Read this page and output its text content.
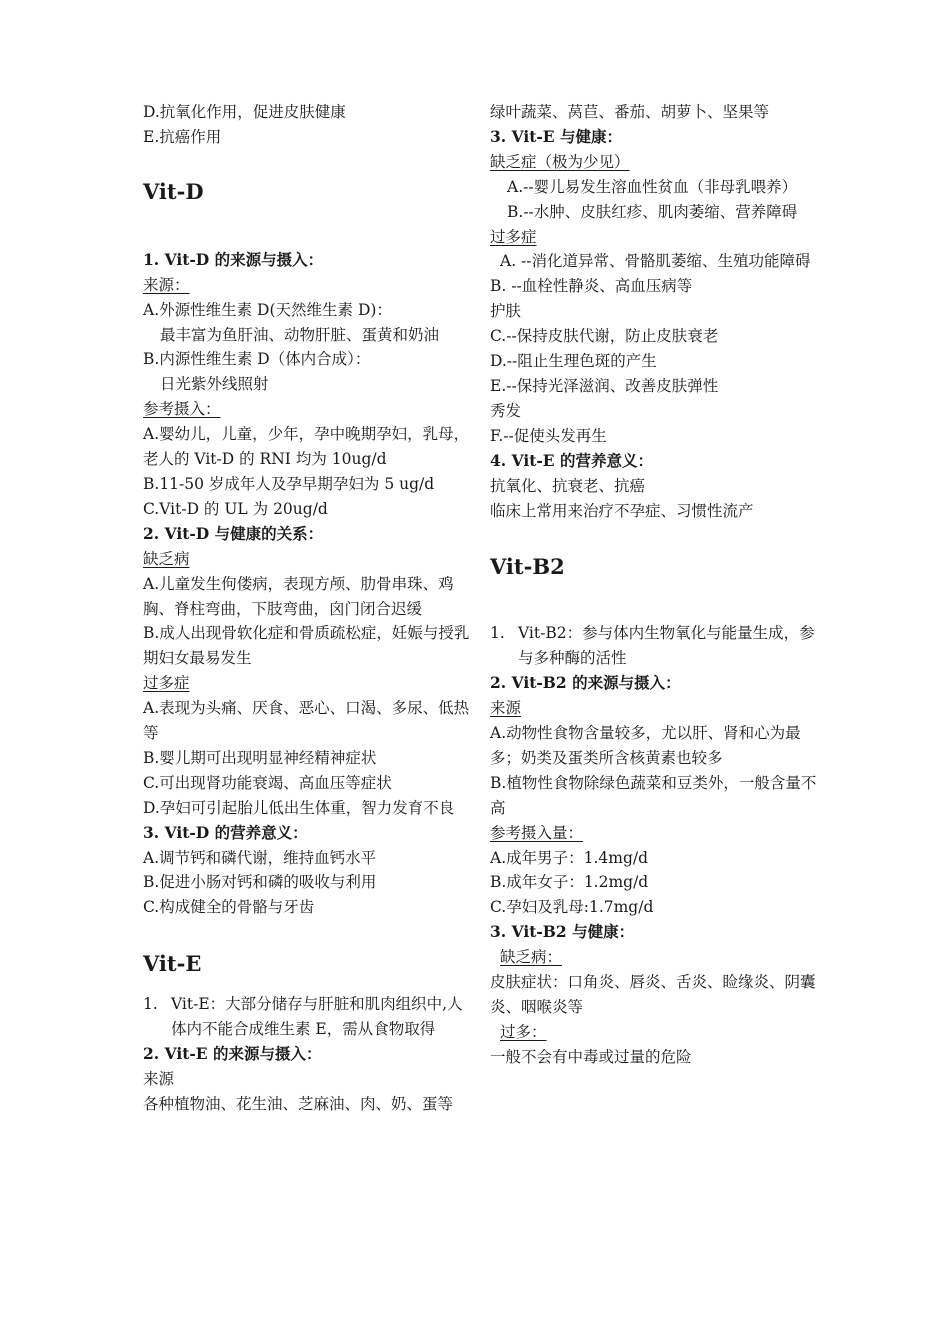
D.抗氧化作用，促进皮肤健康

E.抗癌作用

Vit-D

1. Vit-D 的来源与摄入：

来源：

A.外源性维生素 D(天然维生素 D)：

最丰富为鱼肝油、动物肝脏、蛋黄和奶油

B.内源性维生素 D（体内合成）：

日光紫外线照射

参考摄入：

A.婴幼儿，儿童，少年，孕中晚期孕妇，乳母，老人的 Vit-D 的 RNI 均为 10ug/d

B.11-50 岁成年人及孕早期孕妇为 5 ug/d

C.Vit-D 的 UL 为 20ug/d

2. Vit-D 与健康的关系：

缺乏病

A.儿童发生佝偻病，表现方颅、肋骨串珠、鸡胸、脊柱弯曲，下肢弯曲，囟门闭合迟缓

B.成人出现骨软化症和骨质疏松症，妊娠与授乳期妇女最易发生

过多症

A.表现为头痛、厌食、恶心、口渴、多尿、低热等

B.婴儿期可出现明显神经精神症状

C.可出现肾功能衰竭、高血压等症状

D.孕妇可引起胎儿低出生体重，智力发育不良

3. Vit-D 的营养意义：

A.调节钙和磷代谢，维持血钙水平

B.促进小肠对钙和磷的吸收与利用

C.构成健全的骨骼与牙齿

Vit-E
1. Vit-E：大部分储存与肝脏和肌肉组织中,人体内不能合成维生素 E，需从食物取得

2. Vit-E 的来源与摄入：

来源

各种植物油、花生油、芝麻油、肉、奶、蛋等

绿叶蔬菜、莴苣、番茄、胡萝卜、坚果等

3. Vit-E 与健康：

缺乏症（极为少见）

A.--婴儿易发生溶血性贫血（非母乳喂养）

B.--水肿、皮肤红疹、肌肉萎缩、营养障碍

过多症

A. --消化道异常、骨骼肌萎缩、生殖功能障碍

B. --血栓性静炎、高血压病等

护肤

C.--保持皮肤代谢，防止皮肤衰老

D.--阻止生理色斑的产生

E.--保持光泽滋润、改善皮肤弹性

秀发

F.--促使头发再生

4. Vit-E 的营养意义：

抗氧化、抗衰老、抗癌

临床上常用来治疗不孕症、习惯性流产

Vit-B2
1. Vit-B2：参与体内生物氧化与能量生成，参与多种酶的活性

2. Vit-B2 的来源与摄入：

来源

A.动物性食物含量较多，尤以肝、肾和心为最多；奶类及蛋类所含核黄素也较多

B.植物性食物除绿色蔬菜和豆类外，一般含量不高

参考摄入量：

A.成年男子：1.4mg/d

B.成年女子：1.2mg/d

C.孕妇及乳母:1.7mg/d

3. Vit-B2 与健康：

缺乏病：

皮肤症状：口角炎、唇炎、舌炎、睑缘炎、阴囊炎、咽喉炎等

过多：

一般不会有中毒或过量的危险
